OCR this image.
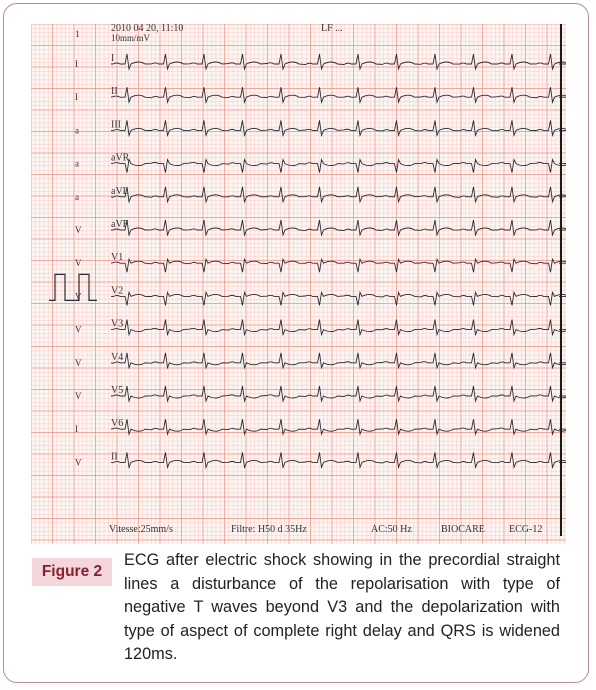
2010 04 20, 11:10	LF ...
10mm/mV
1
I
I
II
I
III
a
aVR
a
aVL
a
aVF
V
V1
V
V2
V
V3
V
V4
V
V5
V
V6
I
II
V
Vitesse:25mm/s	Filtre: H50 d 35Hz	AC:50 Hz	BIOCARE ECG-12
Figure 2

ECG after electric shock showing in the precordial straight lines a disturbance of the repolarisation with type of negative T waves beyond V3 and the depolarization with type of aspect of complete right delay and QRS is widened 120ms.
